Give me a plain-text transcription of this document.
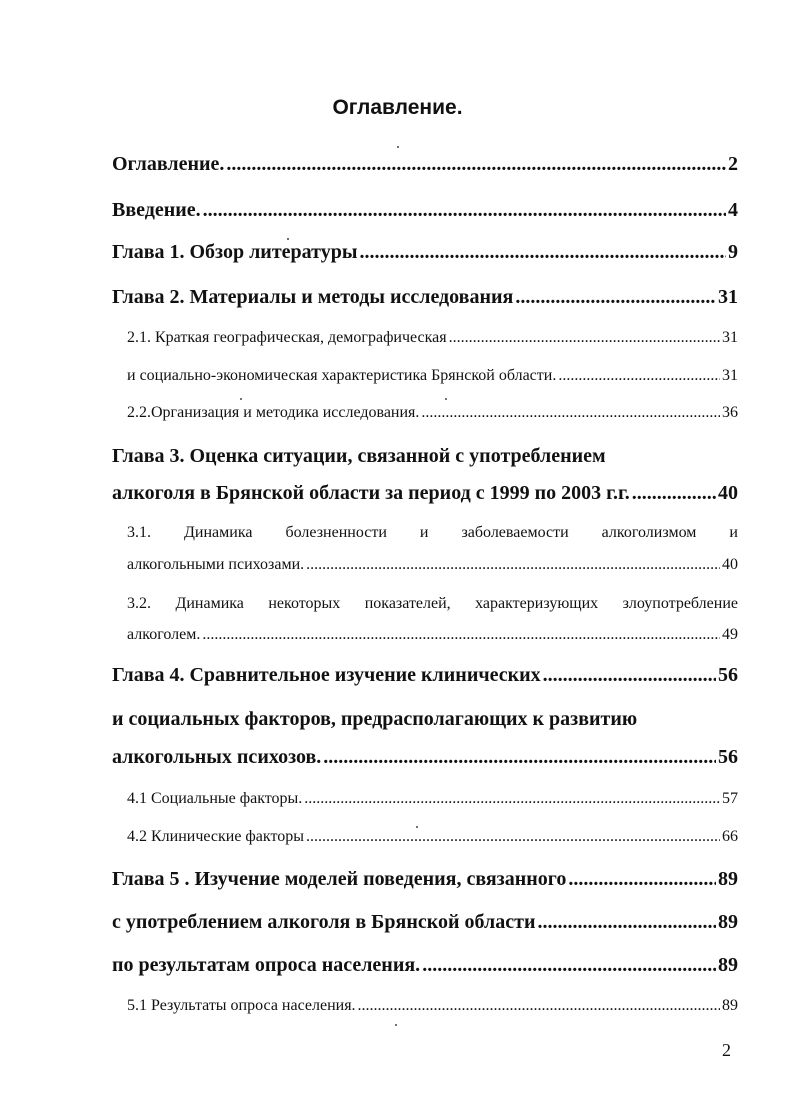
Оглавление.
Оглавление. .....	2
Введение. .....	4
Глава 1. Обзор литературы .....	9
Глава 2. Материалы и методы исследования .....	31
2.1. Краткая географическая, демографическая .....	31
и социально-экономическая характеристика Брянской области. .....	31
2.2.Организация и методика исследования. .....	36
Глава 3. Оценка ситуации, связанной с употреблением
алкоголя в Брянской области за период с 1999 по 2003 г.г. .....	40
3.1. Динамика болезненности и заболеваемости алкоголизмом и
алкогольными психозами. .....	40
3.2. Динамика некоторых показателей, характеризующих злоупотребление
алкоголем. .....	49
Глава 4. Сравнительное изучение клинических .....	56
и социальных факторов, предрасполагающих к развитию
алкогольных психозов. .....	56
4.1 Социальные факторы. .....	57
4.2 Клинические факторы .....	66
Глава 5 . Изучение моделей поведения, связанного .....	89
с употреблением алкоголя в Брянской области .....	89
по результатам опроса населения. .....	89
5.1 Результаты опроса населения. .....	89
2
